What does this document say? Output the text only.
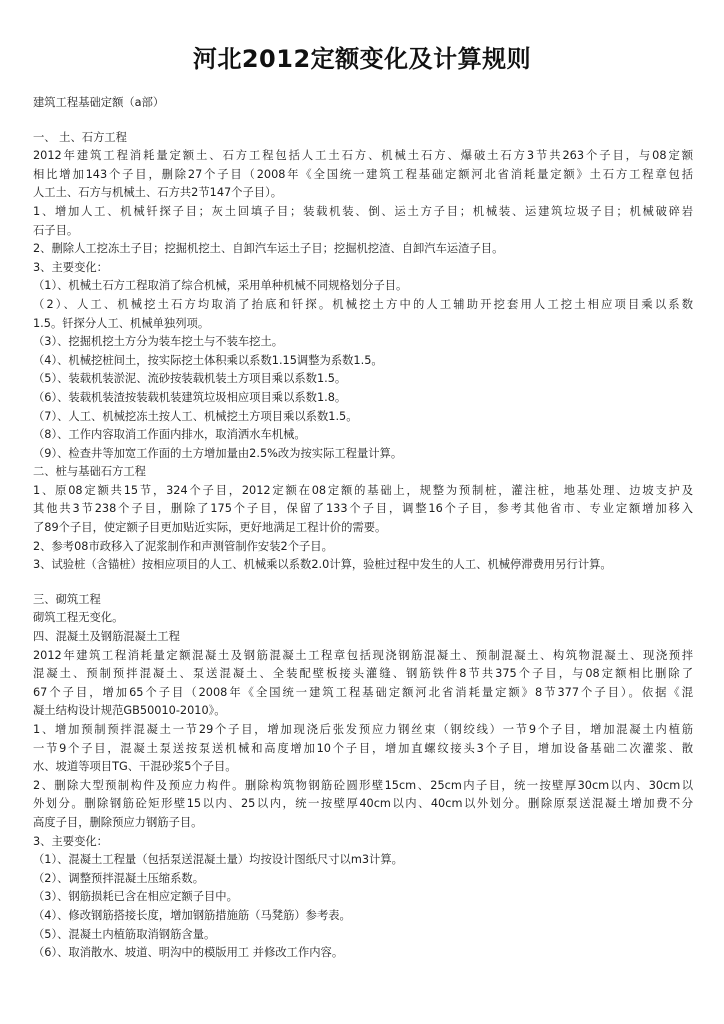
河北2012定额变化及计算规则

建筑工程基础定额（a部）

一、 土、石方工程

2012年建筑工程消耗量定额土、石方工程包括人工土石方、机械土石方、爆破土石方3节共263个子目，与08定额

相比增加143个子目，删除27个子目（2008年《全国统一建筑工程基础定额河北省消耗量定额》土石方工程章包括

人工土、石方与机械土、石方共2节147个子目）。

1、增加人工、机械钎探子目；灰土回填子目；装载机装、倒、运土方子目；机械装、运建筑垃圾子目；机械破碎岩

石子目。

2、删除人工挖冻土子目；挖掘机挖土、自卸汽车运土子目；挖掘机挖渣、自卸汽车运渣子目。

3、主要变化：

（1）、机械土石方工程取消了综合机械，采用单种机械不同规格划分子目。

（2）、人工、机械挖土石方均取消了抬底和钎探。机械挖土方中的人工辅助开挖套用人工挖土相应项目乘以系数

1.5。钎探分人工、机械单独列项。

（3）、挖掘机挖土方分为装车挖土与不装车挖土。

（4）、机械挖桩间土，按实际挖土体积乘以系数1.15调整为系数1.5。

（5）、装载机装淤泥、流砂按装载机装土方项目乘以系数1.5。

（6）、装载机装渣按装载机装建筑垃圾相应项目乘以系数1.8。

（7）、人工、机械挖冻土按人工、机械挖土方项目乘以系数1.5。

（8）、工作内容取消工作面内排水，取消洒水车机械。

（9）、检查井等加宽工作面的土方增加量由2.5%改为按实际工程量计算。

二、桩与基础石方工程

1、原08定额共15节，324个子目，2012定额在08定额的基础上，规整为预制桩，灌注桩，地基处理、边坡支护及

其他共3节238个子目，删除了175个子目，保留了133个子目，调整16个子目，参考其他省市、专业定额增加移入

了89个子目，使定额子目更加贴近实际，更好地满足工程计价的需要。

2、参考08市政移入了泥浆制作和声测管制作安装2个子目。

3、试验桩（含锚桩）按相应项目的人工、机械乘以系数2.0计算，验桩过程中发生的人工、机械停滞费用另行计算。

三、砌筑工程

砌筑工程无变化。

四、混凝土及钢筋混凝土工程

2012年建筑工程消耗量定额混凝土及钢筋混凝土工程章包括现浇钢筋混凝土、预制混凝土、构筑物混凝土、现浇预拌

混凝土、预制预拌混凝土、泵送混凝土、全装配壁板接头灌缝、钢筋铁件8节共375个子目，与08定额相比删除了

67个子目，增加65个子目（2008年《全国统一建筑工程基础定额河北省消耗量定额》8节377个子目）。依据《混

凝土结构设计规范GB50010-2010》。

1、增加预制预拌混凝土一节29个子目，增加现浇后张发预应力钢丝束（钢绞线）一节9个子目，增加混凝土内植筋

一节9个子目，混凝土泵送按泵送机械和高度增加10个子目，增加直螺纹接头3个子目，增加设备基础二次灌浆、散

水、坡道等项目TG、干混砂浆5个子目。

2、删除大型预制构件及预应力构件。删除构筑物钢筋砼圆形壁15cm、25cm内子目，统一按壁厚30cm以内、30cm以

外划分。删除钢筋砼矩形壁15以内、25以内，统一按壁厚40cm以内、40cm以外划分。删除原泵送混凝土增加费不分

高度子目，删除预应力钢筋子目。

3、主要变化：

（1）、混凝土工程量（包括泵送混凝土量）均按设计图纸尺寸以m3计算。

（2）、调整预拌混凝土压缩系数。

（3）、钢筋损耗已含在相应定额子目中。

（4）、修改钢筋搭接长度，增加钢筋措施筋（马凳筋）参考表。

（5）、混凝土内植筋取消钢筋含量。

（6）、取消散水、坡道、明沟中的模版用工 并修改工作内容。
